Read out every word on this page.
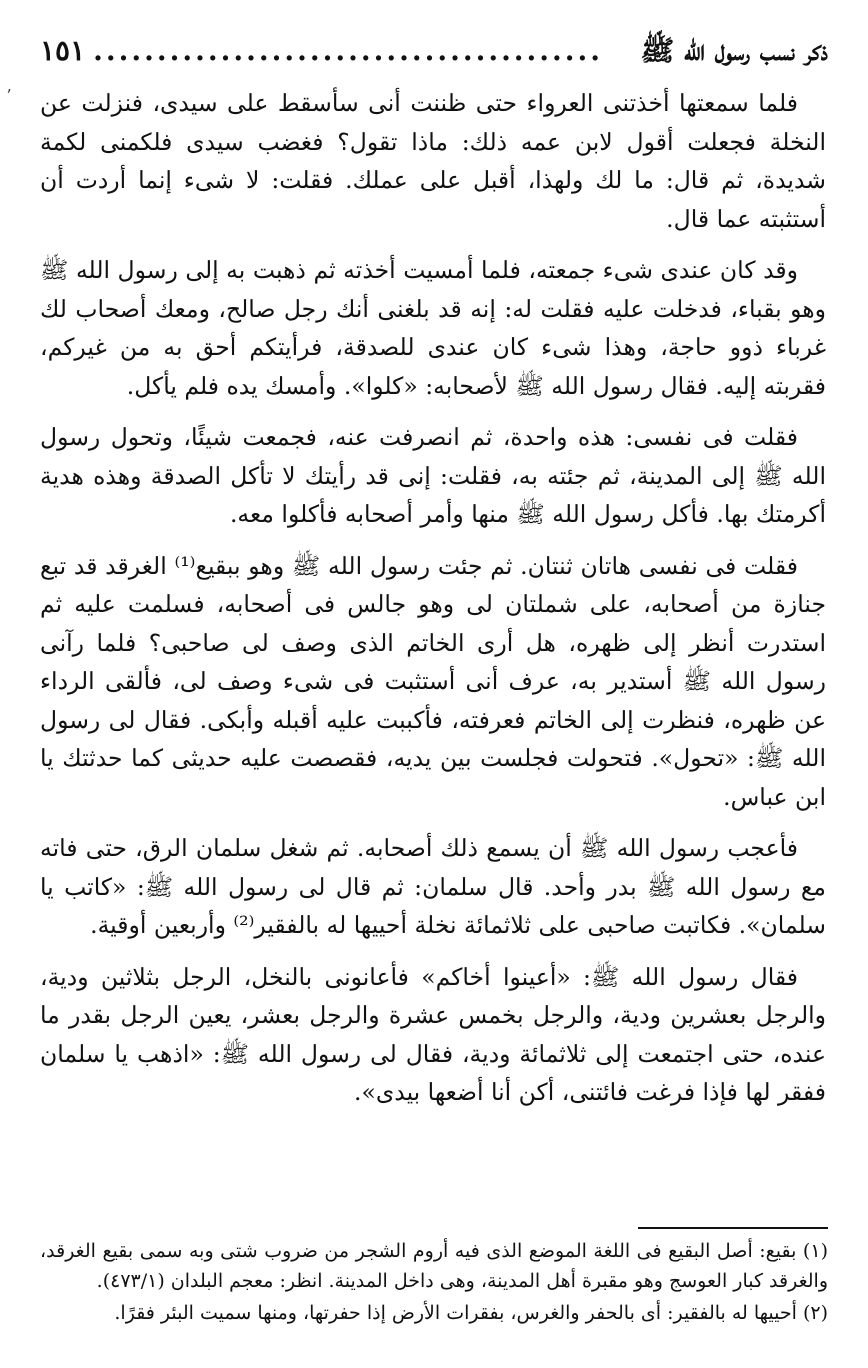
ذكر نسب رسول الله ﷺ
........................................
١٥١
ʼ فلما سمعتها أخذتنى العرواء حتى ظننت أنى سأسقط على سيدى، فنزلت عن النخلة فجعلت أقول لابن عمه ذلك: ماذا تقول؟ فغضب سيدى فلكمنى لكمة شديدة، ثم قال: ما لك ولهذا، أقبل على عملك. فقلت: لا شىء إنما أردت أن أستثبته عما قال.

وقد كان عندى شىء جمعته، فلما أمسيت أخذته ثم ذهبت به إلى رسول الله ﷺ وهو بقباء، فدخلت عليه فقلت له: إنه قد بلغنى أنك رجل صالح، ومعك أصحاب لك غرباء ذوو حاجة، وهذا شىء كان عندى للصدقة، فرأيتكم أحق به من غيركم، فقربته إليه. فقال رسول الله ﷺ لأصحابه: «كلوا». وأمسك يده فلم يأكل.

فقلت فى نفسى: هذه واحدة، ثم انصرفت عنه، فجمعت شيئًا، وتحول رسول الله ﷺ إلى المدينة، ثم جئته به، فقلت: إنى قد رأيتك لا تأكل الصدقة وهذه هدية أكرمتك بها. فأكل رسول الله ﷺ منها وأمر أصحابه فأكلوا معه.

فقلت فى نفسى هاتان ثنتان. ثم جئت رسول الله ﷺ وهو ببقيع⁽¹⁾ الغرقد قد تبع جنازة من أصحابه، على شملتان لى وهو جالس فى أصحابه، فسلمت عليه ثم استدرت أنظر إلى ظهره، هل أرى الخاتم الذى وصف لى صاحبى؟ فلما رآنى رسول الله ﷺ أستدير به، عرف أنى أستثبت فى شىء وصف لى، فألقى الرداء عن ظهره، فنظرت إلى الخاتم فعرفته، فأكببت عليه أقبله وأبكى. فقال لى رسول الله ﷺ: «تحول». فتحولت فجلست بين يديه، فقصصت عليه حديثى كما حدثتك يا ابن عباس.

فأعجب رسول الله ﷺ أن يسمع ذلك أصحابه. ثم شغل سلمان الرق، حتى فاته مع رسول الله ﷺ بدر وأحد. قال سلمان: ثم قال لى رسول الله ﷺ: «كاتب يا سلمان». فكاتبت صاحبى على ثلاثمائة نخلة أحييها له بالفقير⁽²⁾ وأربعين أوقية.

فقال رسول الله ﷺ: «أعينوا أخاكم» فأعانونى بالنخل، الرجل بثلاثين ودية، والرجل بعشرين ودية، والرجل بخمس عشرة والرجل بعشر، يعين الرجل بقدر ما عنده، حتى اجتمعت إلى ثلاثمائة ودية، فقال لى رسول الله ﷺ: «اذهب يا سلمان ففقر لها فإذا فرغت فائتنى، أكن أنا أضعها بيدى».

(١) بقيع: أصل البقيع فى اللغة الموضع الذى فيه أروم الشجر من ضروب شتى وبه سمى بقيع الغرقد، والغرقد كبار العوسج وهو مقبرة أهل المدينة، وهى داخل المدينة. انظر: معجم البلدان (٤٧٣/١).

(٢) أحييها له بالفقير: أى بالحفر والغرس، بفقرات الأرض إذا حفرتها، ومنها سميت البئر فقرًا.
